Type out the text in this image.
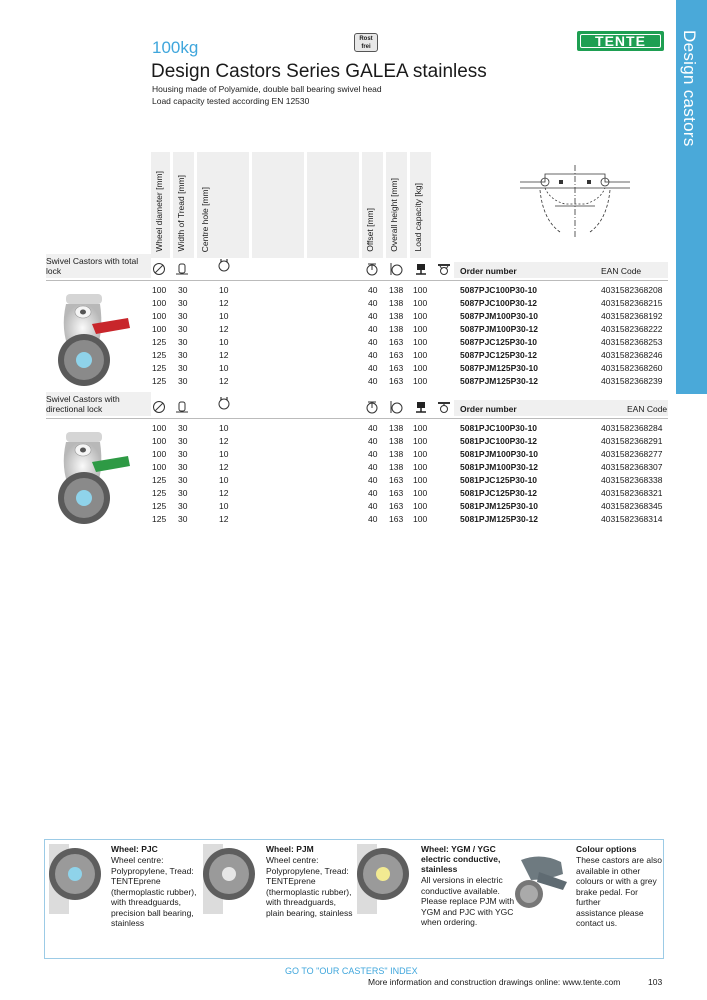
Design castors
TENTE
Rost
frei
100kg
Design Castors Series GALEA stainless
Housing made of Polyamide, double ball bearing swivel head
Load capacity tested according EN 12530
Wheel diameter [mm] Width of Tread [mm] Centre hole [mm]	Offset [mm] Overall height [mm] Load capacity [kg]
Swivel Castors with total lock	Order number	EAN Code
100 30	10	40 138 100	5087PJC100P30-10	4031582368208
100 30	12	40 138 100	5087PJC100P30-12	4031582368215
100 30	10	40 138 100	5087PJM100P30-10	4031582368192
100 30	12	40 138 100	5087PJM100P30-12	4031582368222
125 30	10	40 163 100	5087PJC125P30-10	4031582368253
125 30	12	40 163 100	5087PJC125P30-12	4031582368246
125 30	10	40 163 100	5087PJM125P30-10	4031582368260
125 30	12	40 163 100	5087PJM125P30-12	4031582368239
Swivel Castors with directional lock	Order number	EAN Code
100 30	10	40 138 100	5081PJC100P30-10	4031582368284
100 30	12	40 138 100	5081PJC100P30-12	4031582368291
100 30	10	40 138 100	5081PJM100P30-10	4031582368277
100 30	12	40 138 100	5081PJM100P30-12	4031582368307
125 30	10	40 163 100	5081PJC125P30-10	4031582368338
125 30	12	40 163 100	5081PJC125P30-12	4031582368321
125 30	10	40 163 100	5081PJM125P30-10	4031582368345
125 30	12	40 163 100	5081PJM125P30-12	4031582368314
Wheel: PJC
Wheel centre:
Polypropylene, Tread:
TENTEprene
(thermoplastic rubber),
with threadguards,
precision ball bearing,
stainless
Wheel: PJM
Wheel centre:
Polypropylene, Tread:
TENTEprene
(thermoplastic rubber),
with threadguards,
plain bearing, stainless
Wheel: YGM / YGC
electric conductive,
stainless
All versions in electric
conductive available.
Please replace PJM with
YGM and PJC with YGC
when ordering.
Colour options
These castors are also
available in other
colours or with a grey
brake pedal. For further
assistance please
contact us.
GO TO "OUR CASTERS" INDEX
More information and construction drawings online: www.tente.com	103
